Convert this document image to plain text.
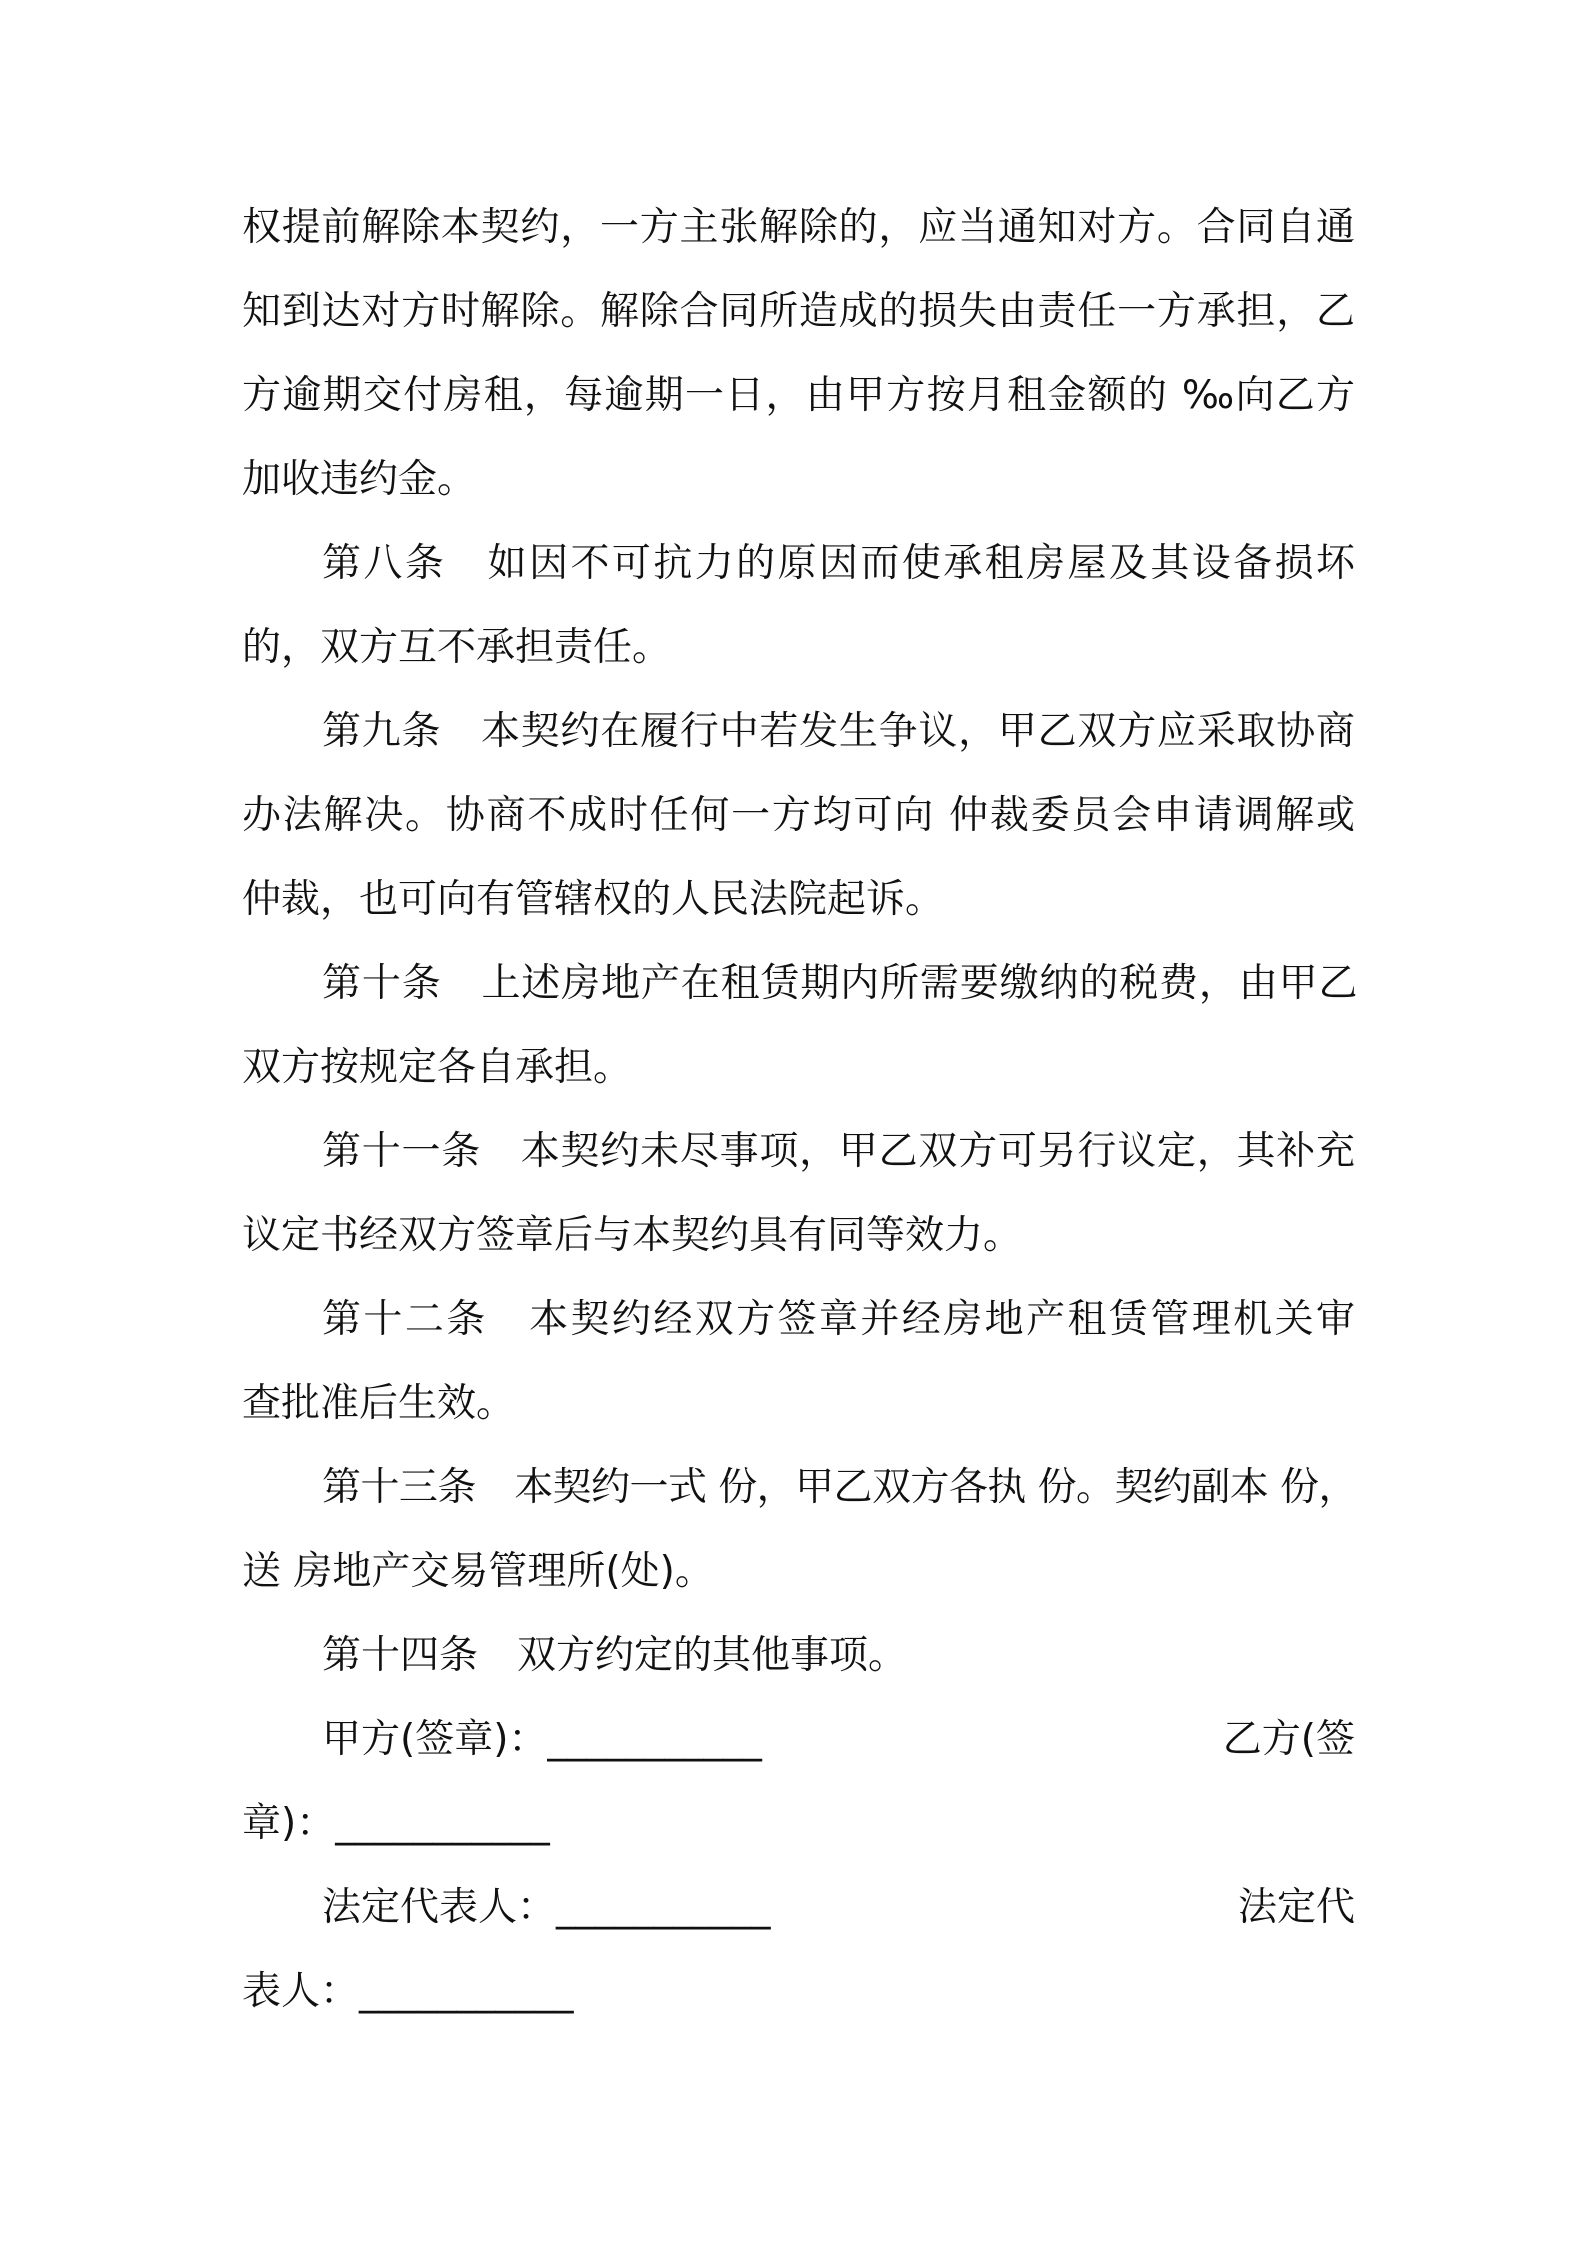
权提前解除本契约，一方主张解除的，应当通知对方。合同自通
知到达对方时解除。解除合同所造成的损失由责任一方承担，乙
方逾期交付房租，每逾期一日，由甲方按月租金额的 ‰向乙方
加收违约金。
第八条　如因不可抗力的原因而使承租房屋及其设备损坏
的，双方互不承担责任。
第九条　本契约在履行中若发生争议，甲乙双方应采取协商
办法解决。协商不成时任何一方均可向 仲裁委员会申请调解或
仲裁，也可向有管辖权的人民法院起诉。
第十条　上述房地产在租赁期内所需要缴纳的税费，由甲乙
双方按规定各自承担。
第十一条　本契约未尽事项，甲乙双方可另行议定，其补充
议定书经双方签章后与本契约具有同等效力。
第十二条　本契约经双方签章并经房地产租赁管理机关审
查批准后生效。
第十三条　本契约一式 份，甲乙双方各执 份。契约副本 份，
送 房地产交易管理所(处)。
第十四条　双方约定的其他事项。
甲方(签章)：___________	乙方(签
章)：___________
法定代表人：___________	法定代
表人：___________
